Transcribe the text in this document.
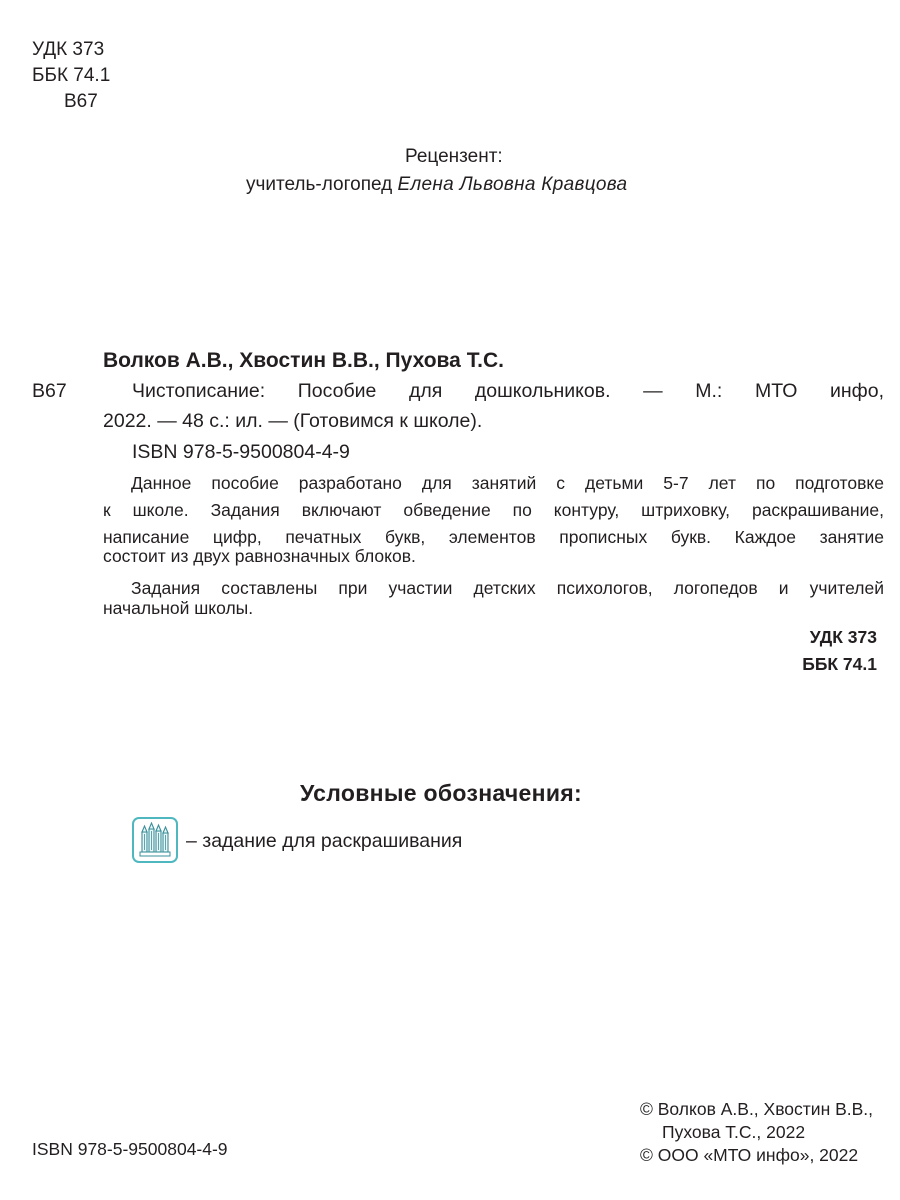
УДК 373
ББК 74.1
В67
Рецензент:
учитель-логопед Елена Львовна Кравцова
Волков А.В., Хвостин В.В., Пухова Т.С.
В67	Чистописание: Пособие для дошкольников. — М.: МТО инфо,
2022. — 48 с.: ил. — (Готовимся к школе).
ISBN 978-5-9500804-4-9
Данное пособие разработано для занятий с детьми 5-7 лет по подготовке
к школе. Задания включают обведение по контуру, штриховку, раскрашивание,
написание цифр, печатных букв, элементов прописных букв. Каждое занятие
состоит из двух равнозначных блоков.
Задания составлены при участии детских психологов, логопедов и учителей
начальной школы.
УДК 373
ББК 74.1
Условные обозначения:
– задание для раскрашивания
ISBN 978-5-9500804-4-9
© Волков А.В., Хвостин В.В.,
Пухова Т.С., 2022
© ООО «МТО инфо», 2022
